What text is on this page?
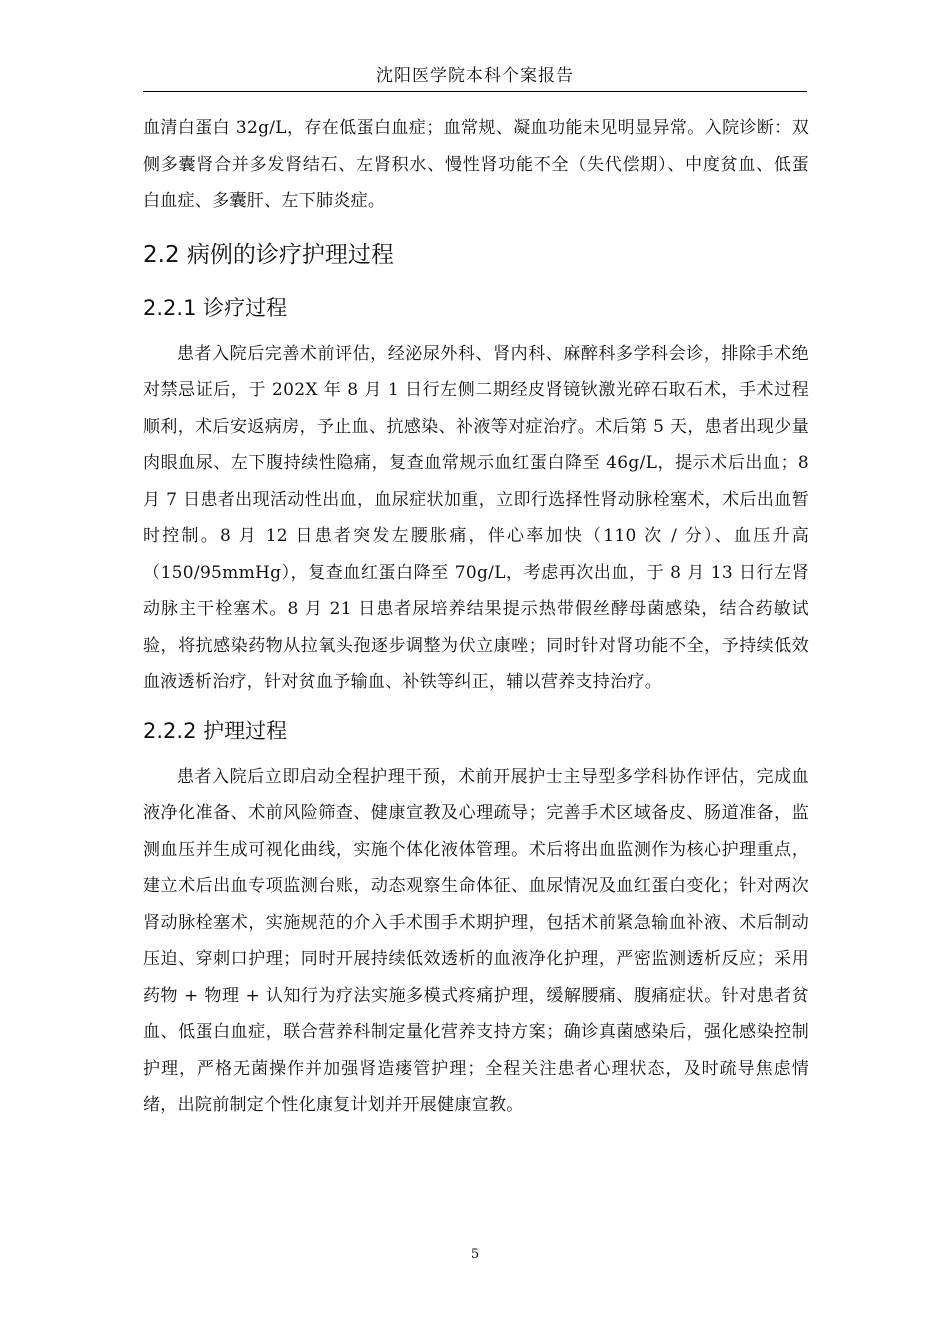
沈阳医学院本科个案报告

血清白蛋白 32g/L，存在低蛋白血症；血常规、凝血功能未见明显异常。入院诊断：双侧多囊肾合并多发肾结石、左肾积水、慢性肾功能不全（失代偿期）、中度贫血、低蛋白血症、多囊肝、左下肺炎症。

2.2 病例的诊疗护理过程
2.2.1 诊疗过程

患者入院后完善术前评估，经泌尿外科、肾内科、麻醉科多学科会诊，排除手术绝对禁忌证后，于 202X 年 8 月 1 日行左侧二期经皮肾镜钬激光碎石取石术，手术过程顺利，术后安返病房，予止血、抗感染、补液等对症治疗。术后第 5 天，患者出现少量肉眼血尿、左下腹持续性隐痛，复查血常规示血红蛋白降至 46g/L，提示术后出血；8 月 7 日患者出现活动性出血，血尿症状加重，立即行选择性肾动脉栓塞术，术后出血暂时控制。8 月 12 日患者突发左腰胀痛，伴心率加快（110 次 / 分）、血压升高（150/95mmHg），复查血红蛋白降至 70g/L，考虑再次出血，于 8 月 13 日行左肾动脉主干栓塞术。8 月 21 日患者尿培养结果提示热带假丝酵母菌感染，结合药敏试验，将抗感染药物从拉氧头孢逐步调整为伏立康唑；同时针对肾功能不全，予持续低效血液透析治疗，针对贫血予输血、补铁等纠正，辅以营养支持治疗。

2.2.2 护理过程

患者入院后立即启动全程护理干预，术前开展护士主导型多学科协作评估，完成血液净化准备、术前风险筛查、健康宣教及心理疏导；完善手术区域备皮、肠道准备，监测血压并生成可视化曲线，实施个体化液体管理。术后将出血监测作为核心护理重点，建立术后出血专项监测台账，动态观察生命体征、血尿情况及血红蛋白变化；针对两次肾动脉栓塞术，实施规范的介入手术围手术期护理，包括术前紧急输血补液、术后制动压迫、穿刺口护理；同时开展持续低效透析的血液净化护理，严密监测透析反应；采用药物 + 物理 + 认知行为疗法实施多模式疼痛护理，缓解腰痛、腹痛症状。针对患者贫血、低蛋白血症，联合营养科制定量化营养支持方案；确诊真菌感染后，强化感染控制护理，严格无菌操作并加强肾造瘘管护理；全程关注患者心理状态，及时疏导焦虑情绪，出院前制定个性化康复计划并开展健康宣教。

5
